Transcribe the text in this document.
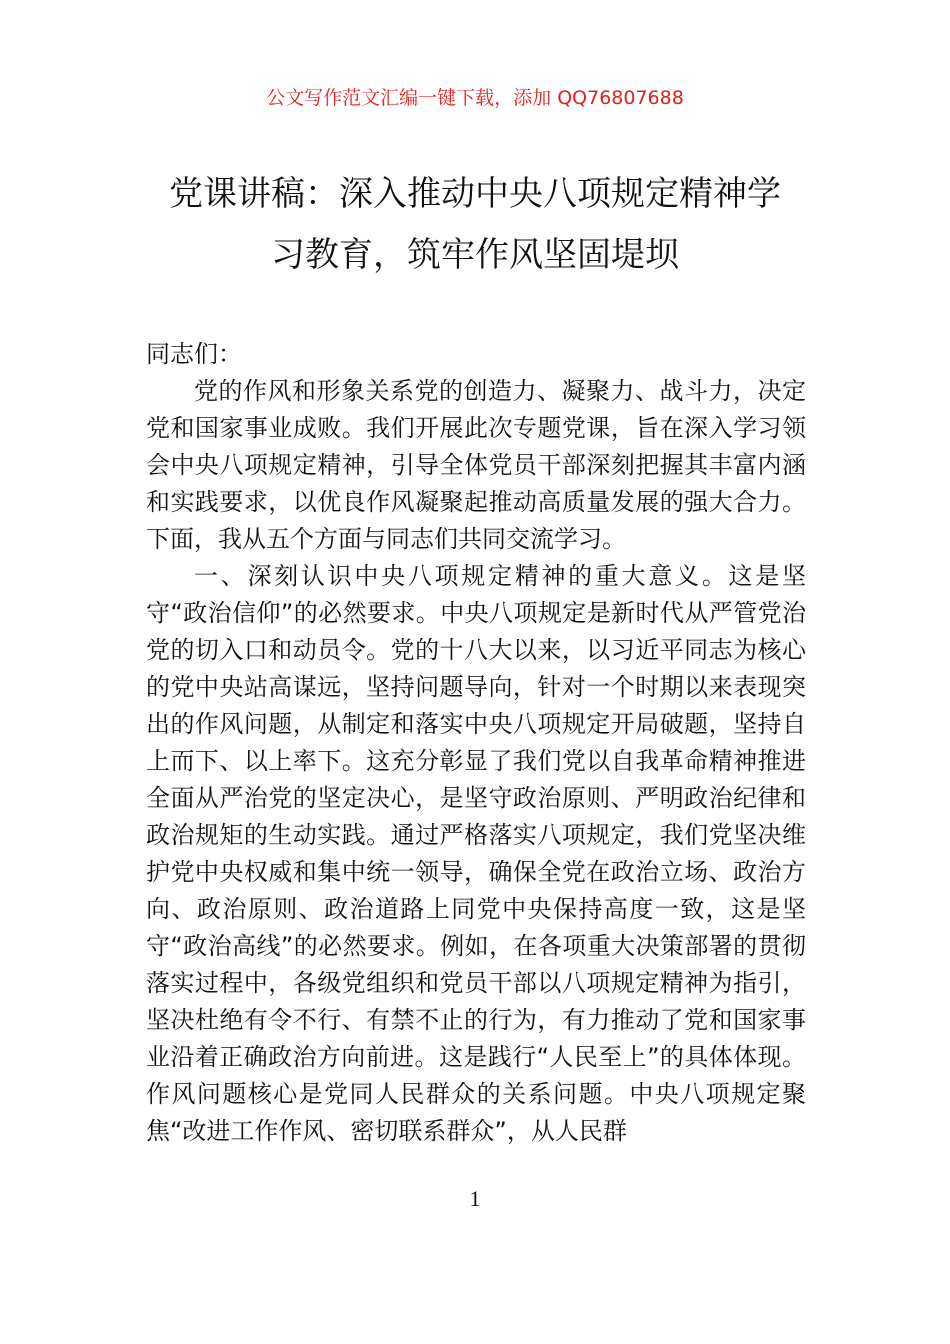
公文写作范文汇编一键下载，添加 QQ76807688
党课讲稿：深入推动中央八项规定精神学
习教育，筑牢作风坚固堤坝

同志们：

党的作风和形象关系党的创造力、凝聚力、战斗力，决定党和国家事业成败。我们开展此次专题党课，旨在深入学习领会中央八项规定精神，引导全体党员干部深刻把握其丰富内涵和实践要求，以优良作风凝聚起推动高质量发展的强大合力。下面，我从五个方面与同志们共同交流学习。

一、深刻认识中央八项规定精神的重大意义。这是坚守“政治信仰”的必然要求。中央八项规定是新时代从严管党治党的切入口和动员令。党的十八大以来，以习近平同志为核心的党中央站高谋远，坚持问题导向，针对一个时期以来表现突出的作风问题，从制定和落实中央八项规定开局破题，坚持自上而下、以上率下。这充分彰显了我们党以自我革命精神推进全面从严治党的坚定决心，是坚守政治原则、严明政治纪律和政治规矩的生动实践。通过严格落实八项规定，我们党坚决维护党中央权威和集中统一领导，确保全党在政治立场、政治方向、政治原则、政治道路上同党中央保持高度一致，这是坚守“政治高线”的必然要求。例如，在各项重大决策部署的贯彻落实过程中，各级党组织和党员干部以八项规定精神为指引，坚决杜绝有令不行、有禁不止的行为，有力推动了党和国家事业沿着正确政治方向前进。这是践行“人民至上”的具体体现。作风问题核心是党同人民群众的关系问题。中央八项规定聚焦“改进工作作风、密切联系群众”，从人民群

1
